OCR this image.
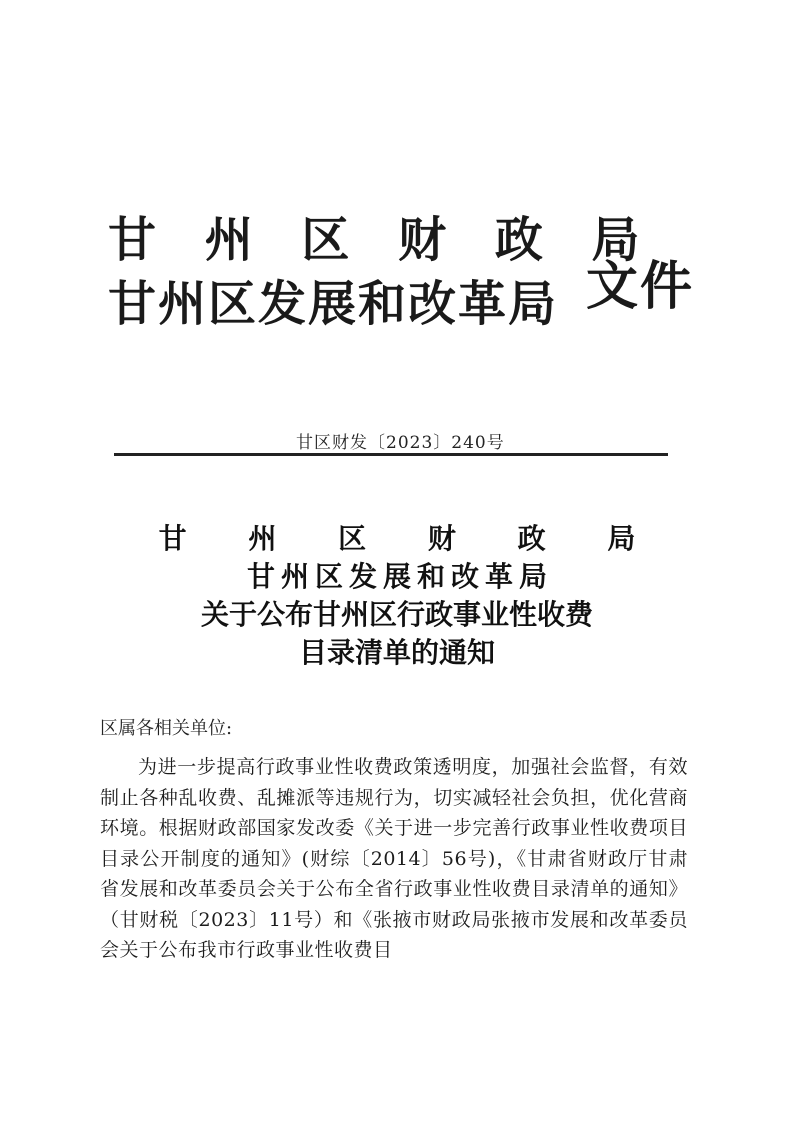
甘 州 区 财 政 局
甘州区发展和改革局 文件
甘区财发〔2023〕240号
甘 州 区 财 政 局
甘州区发展和改革局
关于公布甘州区行政事业性收费
目录清单的通知
区属各相关单位:
为进一步提高行政事业性收费政策透明度，加强社会监督，有效制止各种乱收费、乱摊派等违规行为，切实减轻社会负担，优化营商环境。根据财政部国家发改委《关于进一步完善行政事业性收费项目目录公开制度的通知》(财综〔2014〕56号)，《甘肃省财政厅甘肃省发展和改革委员会关于公布全省行政事业性收费目录清单的通知》（甘财税〔2023〕11号）和《张掖市财政局张掖市发展和改革委员会关于公布我市行政事业性收费目
